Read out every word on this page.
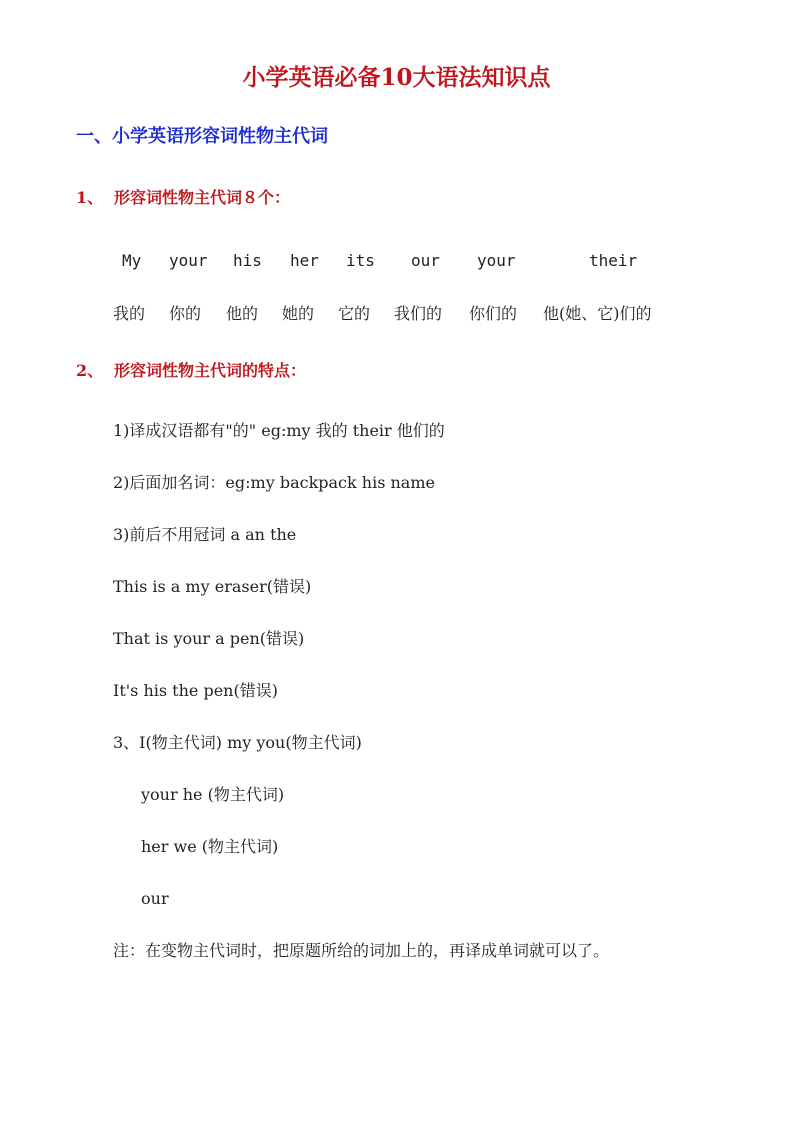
小学英语必备10大语法知识点
一、小学英语形容词性物主代词
1、 形容词性物主代词８个：
My your his her its our your	their
我的 你的 他的 她的 它的 我们的 你们的 他(她、它)们的
2、 形容词性物主代词的特点：
1)译成汉语都有"的" eg:my 我的 their 他们的
2)后面加名词：eg:my backpack his name
3)前后不用冠词 a an the
This is a my eraser(错误)
That is your a pen(错误)
It's his the pen(错误)
3、I(物主代词) my you(物主代词)
your he (物主代词)
her we (物主代词)
our
注：在变物主代词时，把原题所给的词加上的，再译成单词就可以了。
